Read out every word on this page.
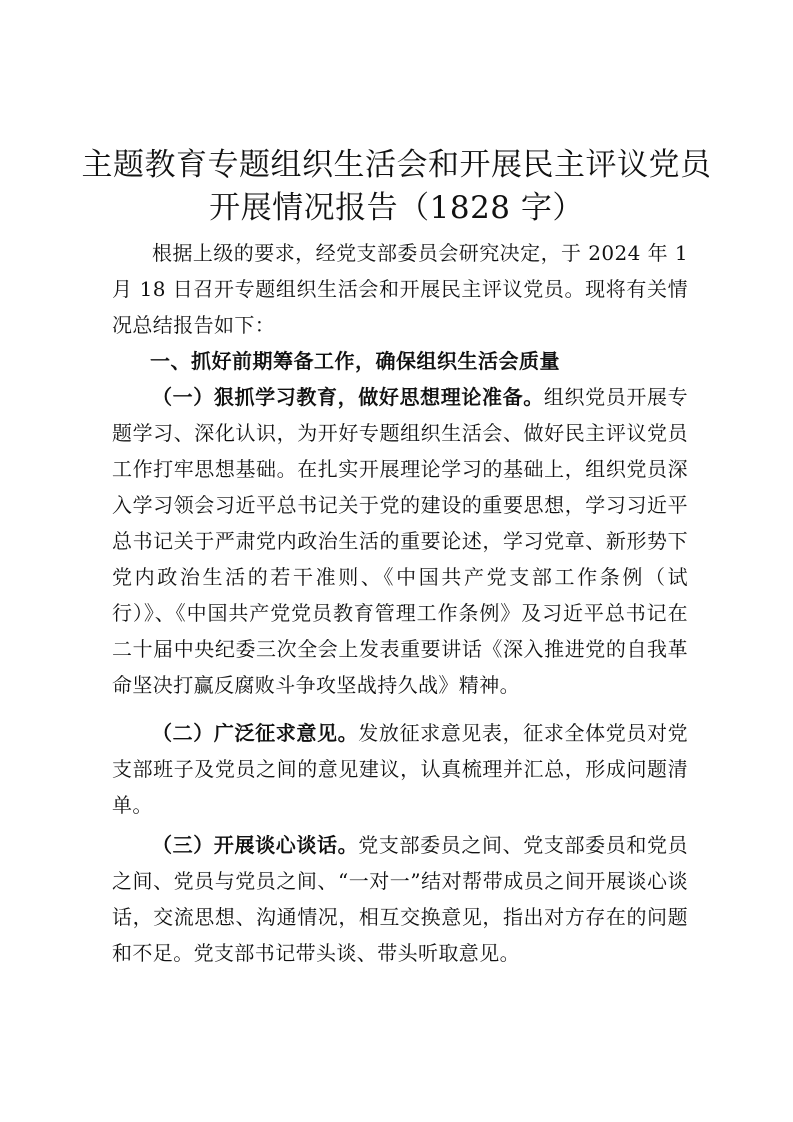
主题教育专题组织生活会和开展民主评议党员
开展情况报告（1828 字）

根据上级的要求，经党支部委员会研究决定，于 2024 年 1 月 18 日召开专题组织生活会和开展民主评议党员。现将有关情况总结报告如下：

一、抓好前期筹备工作，确保组织生活会质量

（一）狠抓学习教育，做好思想理论准备。组织党员开展专题学习、深化认识，为开好专题组织生活会、做好民主评议党员工作打牢思想基础。在扎实开展理论学习的基础上，组织党员深入学习领会习近平总书记关于党的建设的重要思想，学习习近平总书记关于严肃党内政治生活的重要论述，学习党章、新形势下党内政治生活的若干准则、《中国共产党支部工作条例（试行）》、《中国共产党党员教育管理工作条例》及习近平总书记在二十届中央纪委三次全会上发表重要讲话《深入推进党的自我革命坚决打赢反腐败斗争攻坚战持久战》精神。

（二）广泛征求意见。发放征求意见表，征求全体党员对党支部班子及党员之间的意见建议，认真梳理并汇总，形成问题清单。

（三）开展谈心谈话。党支部委员之间、党支部委员和党员之间、党员与党员之间、“一对一”结对帮带成员之间开展谈心谈话，交流思想、沟通情况，相互交换意见，指出对方存在的问题和不足。党支部书记带头谈、带头听取意见。
